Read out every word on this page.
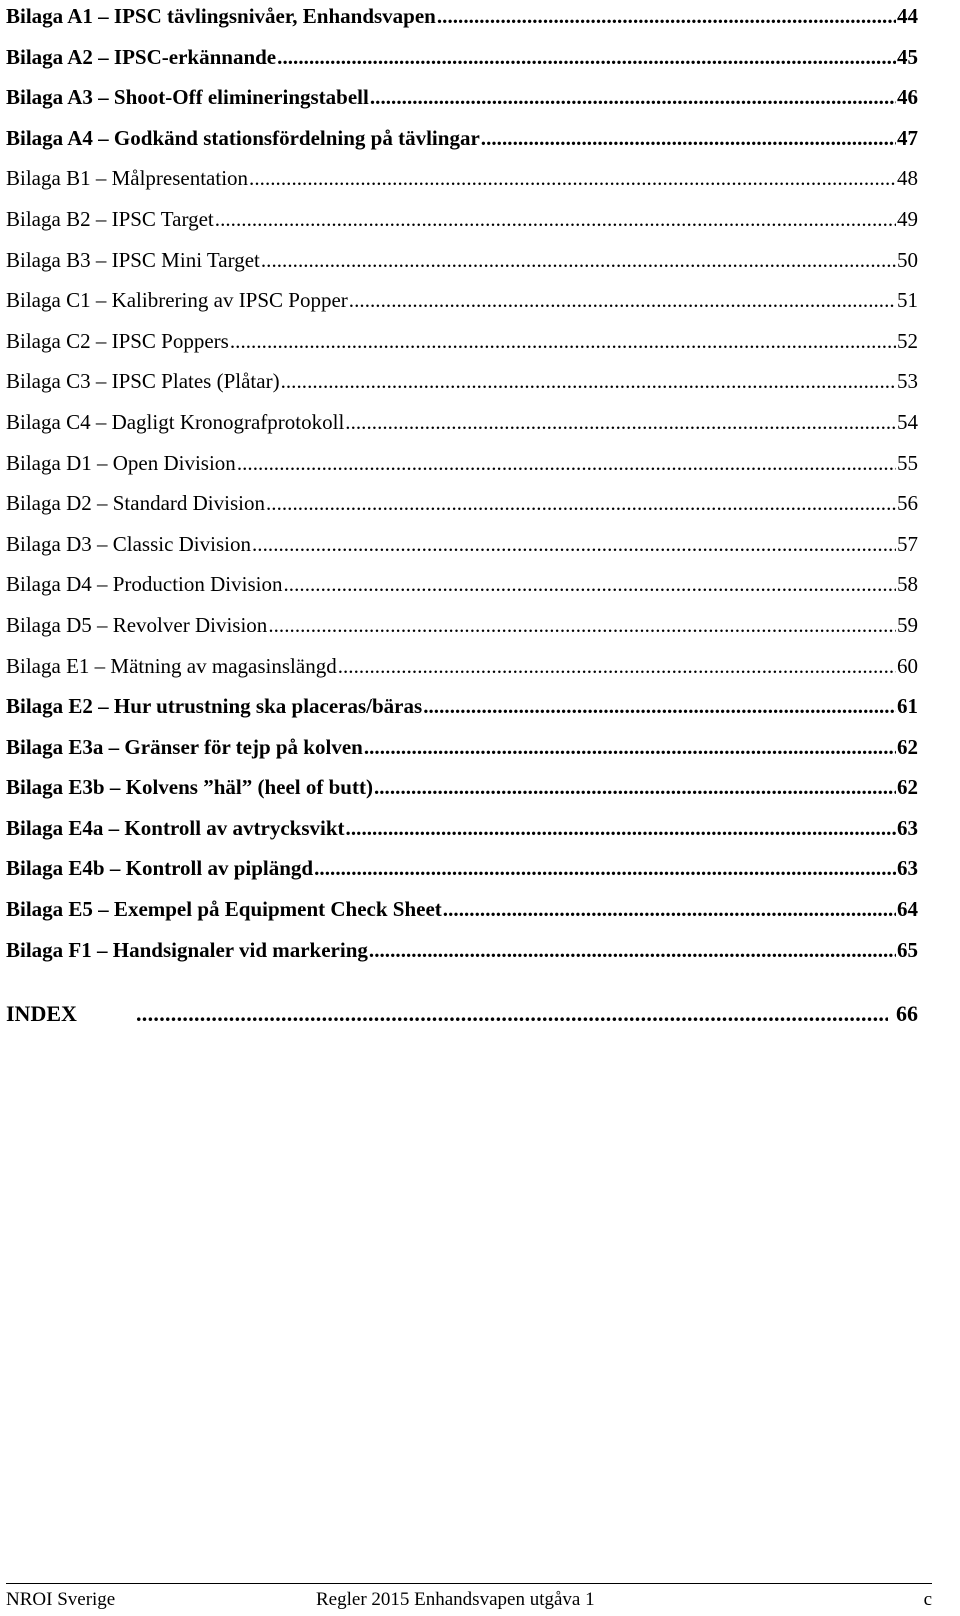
Bilaga A1 – IPSC tävlingsnivåer, Enhandsvapen . . .	44
Bilaga A2 – IPSC-erkännande . . .	45
Bilaga A3 – Shoot-Off elimineringstabell . . .	46
Bilaga A4 – Godkänd stationsfördelning på tävlingar . . .	47
Bilaga B1 – Målpresentation . . .	48
Bilaga B2 – IPSC Target . . .	49
Bilaga B3 – IPSC Mini Target . . .	50
Bilaga C1 – Kalibrering av IPSC Popper . . .	51
Bilaga C2 – IPSC Poppers . . .	52
Bilaga C3 – IPSC Plates (Plåtar) . . .	53
Bilaga C4 – Dagligt Kronografprotokoll . . .	54
Bilaga D1 – Open Division . . .	55
Bilaga D2 – Standard Division . . .	56
Bilaga D3 – Classic Division . . .	57
Bilaga D4 – Production Division . . .	58
Bilaga D5 – Revolver Division . . .	59
Bilaga E1 – Mätning av magasinslängd . . .	60
Bilaga E2 – Hur utrustning ska placeras/bäras . . .	61
Bilaga E3a – Gränser för tejp på kolven . . .	62
Bilaga E3b – Kolvens ”häl” (heel of butt) . . .	62
Bilaga E4a – Kontroll av avtrycksvikt . . .	63
Bilaga E4b – Kontroll av piplängd . . .	63
Bilaga E5 – Exempel på Equipment Check Sheet . . .	64
Bilaga F1 – Handsignaler vid markering . . .	65
INDEX . . .	66
NROI Sverige	Regler 2015 Enhandsvapen utgåva 1	c
